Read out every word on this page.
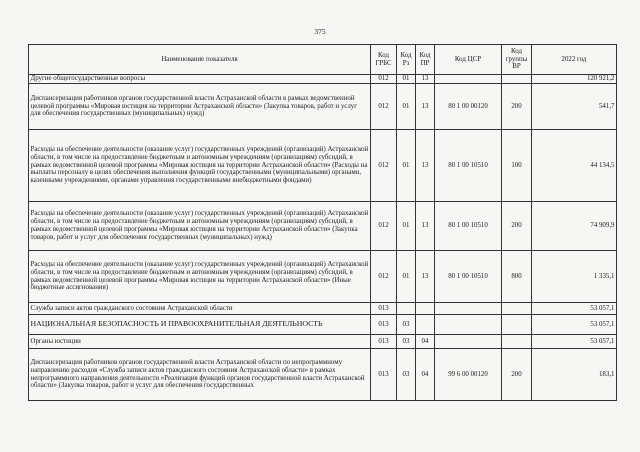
375
Наименование показателя	Код ГРБС	Код Рз	Код ПР	Код ЦСР	Код группы ВР	2022 год
Другие общегосударственные вопросы	012	01	13			120 921,2
Диспансеризация работников органов государственной власти Астраханской области в рамках ведомственной целевой программы «Мировая юстиция на территории Астраханской области» (Закупка товаров, работ и услуг для обеспечения государственных (муниципальных) нужд)	012	01	13	80 1 00 00120	200	541,7
Расходы на обеспечение деятельности (оказание услуг) государственных учреждений (организаций) Астраханской области, в том числе на предоставление бюджетным и автономным учреждениям (организациям) субсидий, в рамках ведомственной целевой программы «Мировая юстиция на территории Астраханской области» (Расходы на выплаты персоналу в целях обеспечения выполнения функций государственными (муниципальными) органами, казенными учреждениями, органами управления государственными внебюджетными фондами)	012	01	13	80 1 00 10510	100	44 134,5
Расходы на обеспечение деятельности (оказание услуг) государственных учреждений (организаций) Астраханской области, в том числе на предоставление бюджетным и автономным учреждениям (организациям) субсидий, в рамках ведомственной целевой программы «Мировая юстиция на территории Астраханской области» (Закупка товаров, работ и услуг для обеспечения государственных (муниципальных) нужд)	012	01	13	80 1 00 10510	200	74 909,9
Расходы на обеспечение деятельности (оказание услуг) государственных учреждений (организаций) Астраханской области, в том числе на предоставление бюджетным и автономным учреждениям (организациям) субсидий, в рамках ведомственной целевой программы «Мировая юстиция на территории Астраханской области» (Иные бюджетные ассигнования)	012	01	13	80 1 00 10510	800	1 335,1
Служба записи актов гражданского состояния Астраханской области	013					53 057,1
НАЦИОНАЛЬНАЯ БЕЗОПАСНОСТЬ И ПРАВООХРАНИТЕЛЬНАЯ ДЕЯТЕЛЬНОСТЬ	013	03				53 057,1
Органы юстиции	013	03	04			53 057,1
Диспансеризация работников органов государственной власти Астраханской области по непрограммному направлению расходов «Служба записи актов гражданского состояния Астраханской области» в рамках непрограммного направления деятельности «Реализация функций органов государственной власти Астраханской области» (Закупка товаров, работ и услуг для обеспечения государственных	013	03	04	99 6 00 00120	200	183,1
